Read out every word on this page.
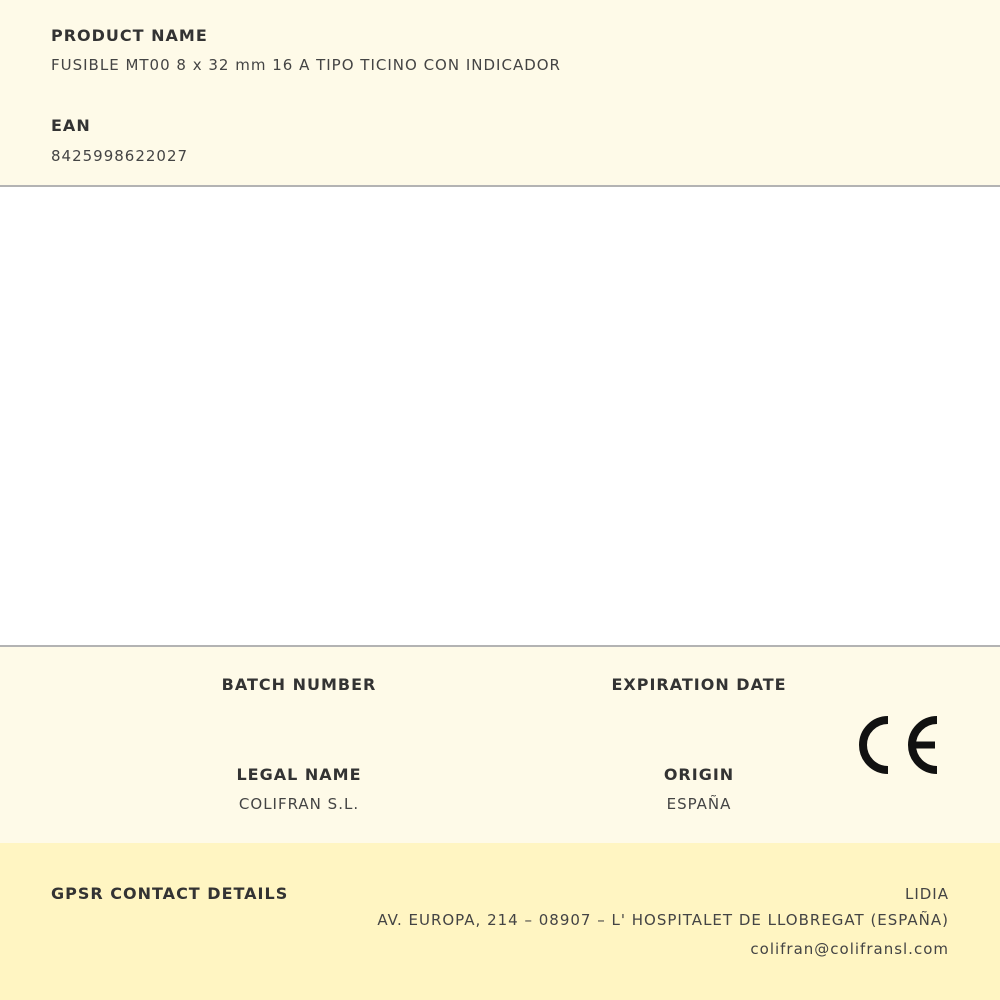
PRODUCT NAME
FUSIBLE MT00 8 x 32 mm 16 A TIPO TICINO CON INDICADOR
EAN
8425998622027
BATCH NUMBER	EXPIRATION DATE
LEGAL NAME
COLIFRAN S.L.
ORIGIN
ESPAÑA
GPSR CONTACT DETAILS	LIDIA
AV. EUROPA, 214 – 08907 – L' HOSPITALET DE LLOBREGAT (ESPAÑA)
colifran@colifransl.com
